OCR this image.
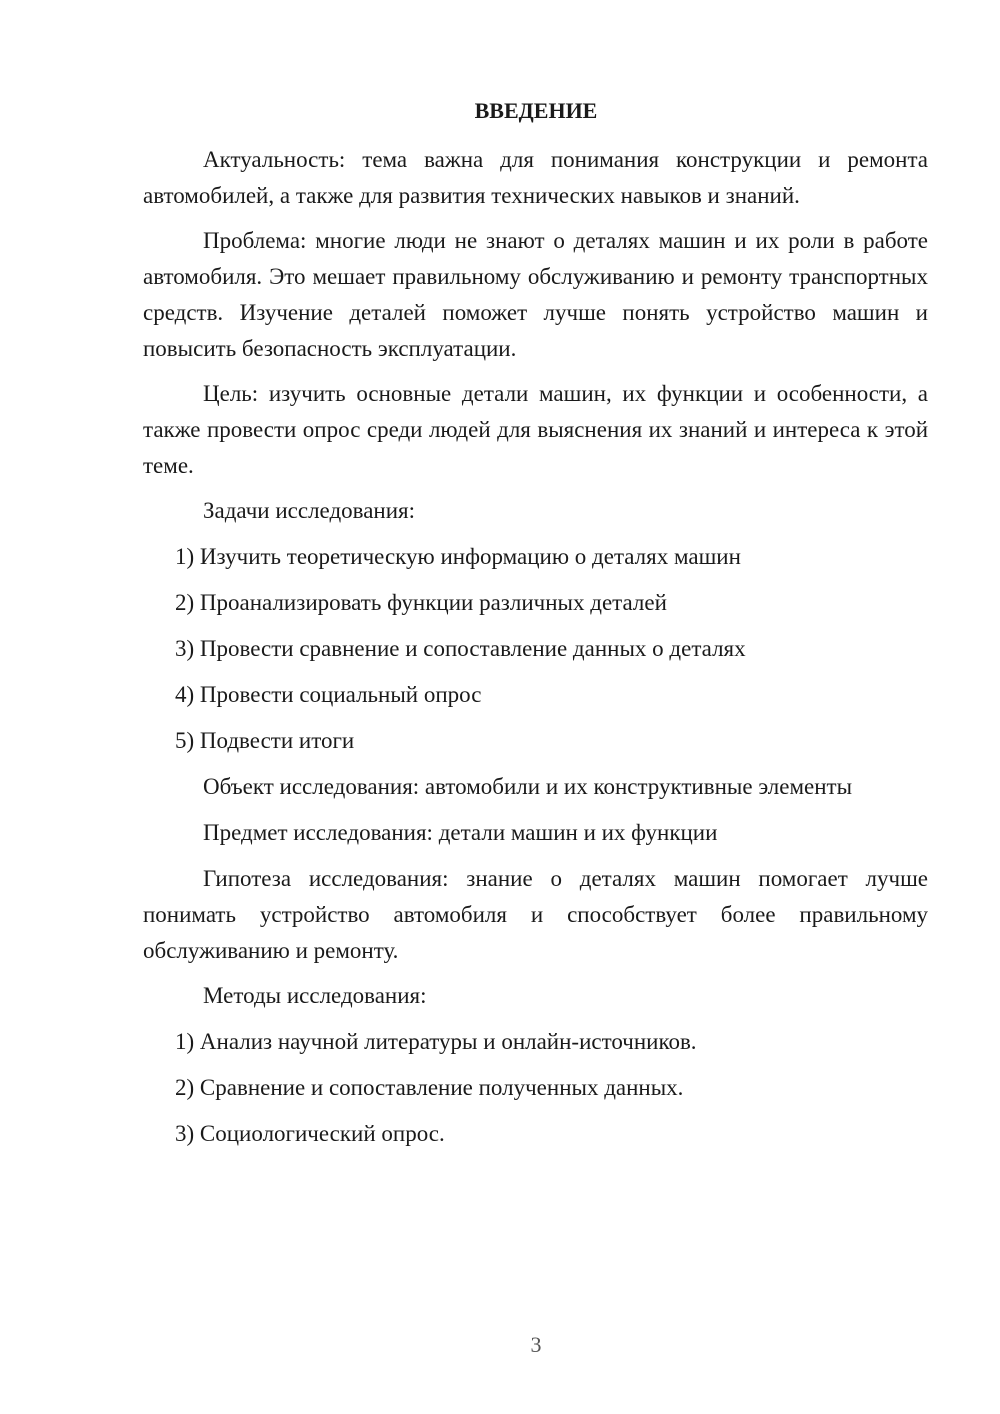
ВВЕДЕНИЕ

Актуальность: тема важна для понимания конструкции и ремонта автомобилей, а также для развития технических навыков и знаний.

Проблема: многие люди не знают о деталях машин и их роли в работе автомобиля. Это мешает правильному обслуживанию и ремонту транспортных средств. Изучение деталей поможет лучше понять устройство машин и повысить безопасность эксплуатации.

Цель: изучить основные детали машин, их функции и особенности, а также провести опрос среди людей для выяснения их знаний и интереса к этой теме.

Задачи исследования:

1) Изучить теоретическую информацию о деталях машин
2) Проанализировать функции различных деталей
3) Провести сравнение и сопоставление данных о деталях
4) Провести социальный опрос
5) Подвести итоги

Объект исследования: автомобили и их конструктивные элементы

Предмет исследования: детали машин и их функции

Гипотеза исследования: знание о деталях машин помогает лучше понимать устройство автомобиля и способствует более правильному обслуживанию и ремонту.

Методы исследования:

1) Анализ научной литературы и онлайн-источников.
2) Сравнение и сопоставление полученных данных.
3) Социологический опрос.
3
